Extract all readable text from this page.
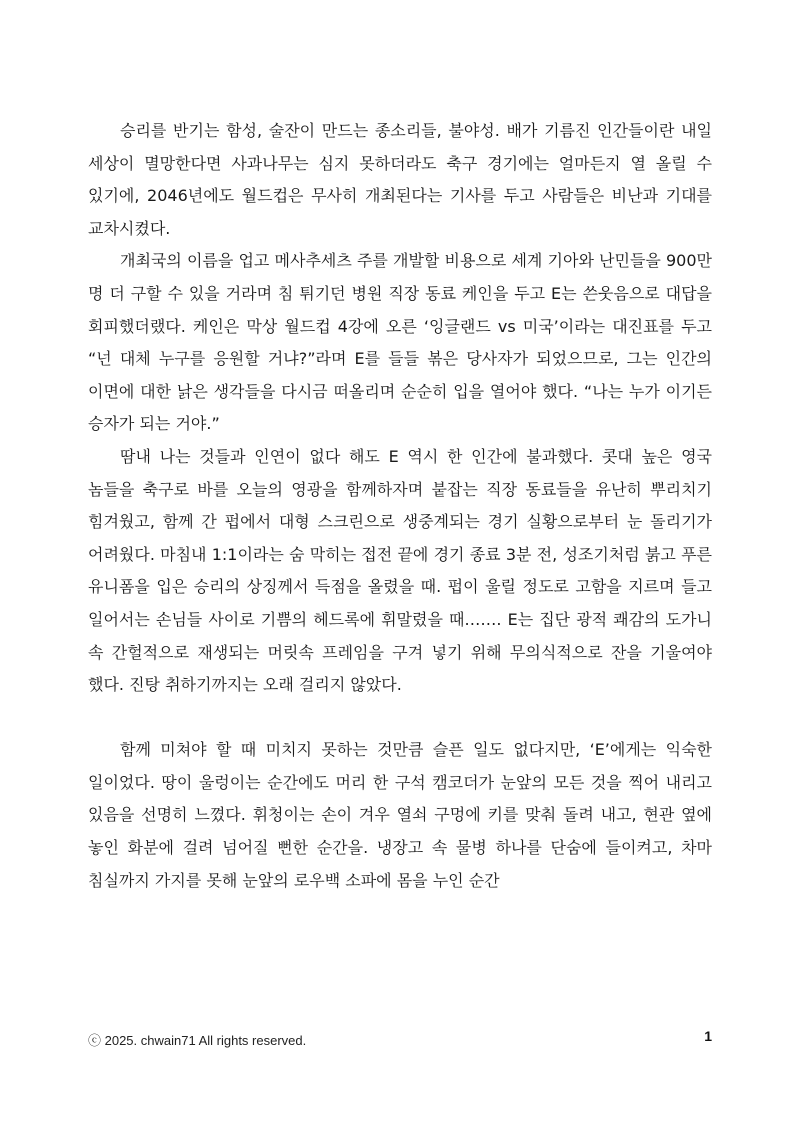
승리를 반기는 함성, 술잔이 만드는 종소리들, 불야성. 배가 기름진 인간들이란 내일 세상이 멸망한다면 사과나무는 심지 못하더라도 축구 경기에는 얼마든지 열 올릴 수 있기에, 2046년에도 월드컵은 무사히 개최된다는 기사를 두고 사람들은 비난과 기대를 교차시켰다.

개최국의 이름을 업고 메사추세츠 주를 개발할 비용으로 세계 기아와 난민들을 900만 명 더 구할 수 있을 거라며 침 튀기던 병원 직장 동료 케인을 두고 E는 쓴웃음으로 대답을 회피했더랬다. 케인은 막상 월드컵 4강에 오른 ‘잉글랜드 vs 미국’이라는 대진표를 두고 “넌 대체 누구를 응원할 거냐?”라며 E를 들들 볶은 당사자가 되었으므로, 그는 인간의 이면에 대한 낡은 생각들을 다시금 떠올리며 순순히 입을 열어야 했다. “나는 누가 이기든 승자가 되는 거야.”

땀내 나는 것들과 인연이 없다 해도 E 역시 한 인간에 불과했다. 콧대 높은 영국 놈들을 축구로 바를 오늘의 영광을 함께하자며 붙잡는 직장 동료들을 유난히 뿌리치기 힘겨웠고, 함께 간 펍에서 대형 스크린으로 생중계되는 경기 실황으로부터 눈 돌리기가 어려웠다. 마침내 1:1이라는 숨 막히는 접전 끝에 경기 종료 3분 전, 성조기처럼 붉고 푸른 유니폼을 입은 승리의 상징께서 득점을 올렸을 때. 펍이 울릴 정도로 고함을 지르며 들고 일어서는 손님들 사이로 기쁨의 헤드록에 휘말렸을 때……. E는 집단 광적 쾌감의 도가니 속 간헐적으로 재생되는 머릿속 프레임을 구겨 넣기 위해 무의식적으로 잔을 기울여야 했다. 진탕 취하기까지는 오래 걸리지 않았다.

함께 미쳐야 할 때 미치지 못하는 것만큼 슬픈 일도 없다지만, ‘E’에게는 익숙한 일이었다. 땅이 울렁이는 순간에도 머리 한 구석 캠코더가 눈앞의 모든 것을 찍어 내리고 있음을 선명히 느꼈다. 휘청이는 손이 겨우 열쇠 구멍에 키를 맞춰 돌려 내고, 현관 옆에 놓인 화분에 걸려 넘어질 뻔한 순간을. 냉장고 속 물병 하나를 단숨에 들이켜고, 차마 침실까지 가지를 못해 눈앞의 로우백 소파에 몸을 누인 순간

ⓒ 2025. chwain71 All rights reserved.	1
